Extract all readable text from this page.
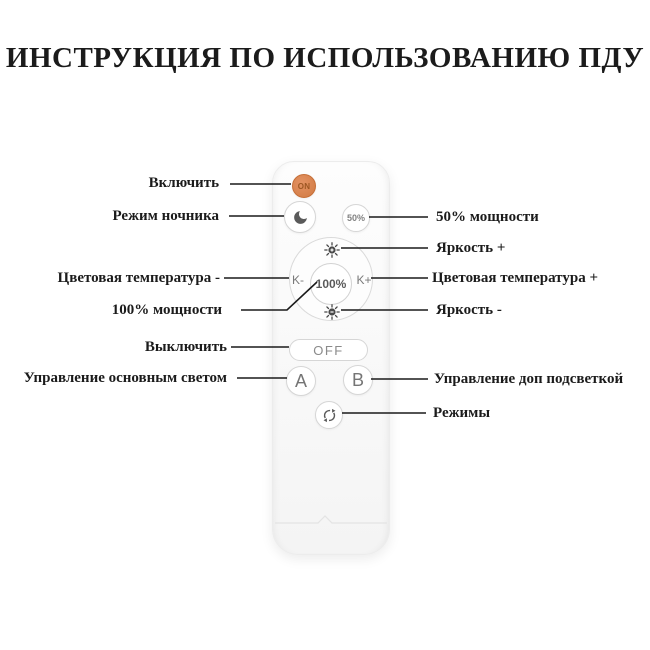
ИНСТРУКЦИЯ ПО ИСПОЛЬЗОВАНИЮ ПДУ
ON
50%
K- 100% K+
OFF
A	B
Включить
Режим ночника
Цветовая температура -
100% мощности
Выключить
Управление основным светом
50% мощности
Яркость +
Цветовая температура +
Яркость -
Управление доп подсветкой
Режимы
